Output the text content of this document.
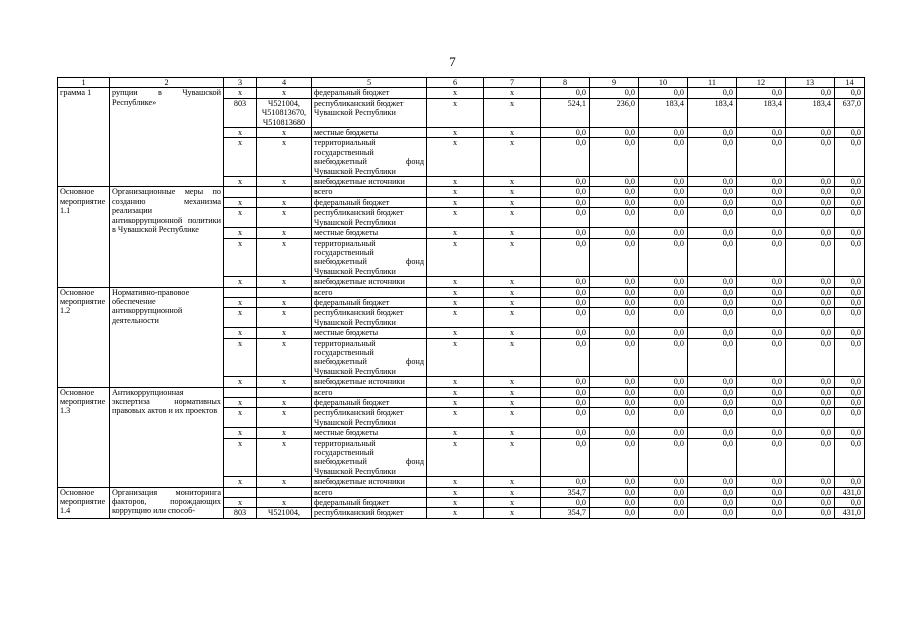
7
1	2	3	4	5	6	7	8	9	10	11	12	13	14
грамма 1	рупции в Чувашской Республике»	x	x	федеральный бюджет	x	x	0,0	0,0	0,0	0,0	0,0	0,0	0,0
		803	Ч521004, Ч510813670, Ч510813680	республиканский бюджет Чувашской Республики	x	x	524,1	236,0	183,4	183,4	183,4	183,4	637,0
		x	x	местные бюджеты	x	x	0,0	0,0	0,0	0,0	0,0	0,0	0,0
		x	x	территориальный государственный внебюджетный фонд Чувашской Республики	x	x	0,0	0,0	0,0	0,0	0,0	0,0	0,0
		x	x	внебюджетные источники	x	x	0,0	0,0	0,0	0,0	0,0	0,0	0,0
Основное мероприятие 1.1	Организационные меры по созданию механизма реализации антикоррупционной политики в Чувашской Республике			всего	x	x	0,0	0,0	0,0	0,0	0,0	0,0	0,0
		x	x	федеральный бюджет	x	x	0,0	0,0	0,0	0,0	0,0	0,0	0,0
		x	x	республиканский бюджет Чувашской Республики	x	x	0,0	0,0	0,0	0,0	0,0	0,0	0,0
		x	x	местные бюджеты	x	x	0,0	0,0	0,0	0,0	0,0	0,0	0,0
		x	x	территориальный государственный внебюджетный фонд Чувашской Республики	x	x	0,0	0,0	0,0	0,0	0,0	0,0	0,0
		x	x	внебюджетные источники	x	x	0,0	0,0	0,0	0,0	0,0	0,0	0,0
Основное мероприятие 1.2	Нормативно-правовое обеспечение антикоррупционной деятельности			всего	x	x	0,0	0,0	0,0	0,0	0,0	0,0	0,0
		x	x	федеральный бюджет	x	x	0,0	0,0	0,0	0,0	0,0	0,0	0,0
		x	x	республиканский бюджет Чувашской Республики	x	x	0,0	0,0	0,0	0,0	0,0	0,0	0,0
		x	x	местные бюджеты	x	x	0,0	0,0	0,0	0,0	0,0	0,0	0,0
		x	x	территориальный государственный внебюджетный фонд Чувашской Республики	x	x	0,0	0,0	0,0	0,0	0,0	0,0	0,0
		x	x	внебюджетные источники	x	x	0,0	0,0	0,0	0,0	0,0	0,0	0,0
Основное мероприятие 1.3	Антикоррупционная экспертиза нормативных правовых актов и их проектов			всего	x	x	0,0	0,0	0,0	0,0	0,0	0,0	0,0
		x	x	федеральный бюджет	x	x	0,0	0,0	0,0	0,0	0,0	0,0	0,0
		x	x	республиканский бюджет Чувашской Республики	x	x	0,0	0,0	0,0	0,0	0,0	0,0	0,0
		x	x	местные бюджеты	x	x	0,0	0,0	0,0	0,0	0,0	0,0	0,0
		x	x	территориальный государственный внебюджетный фонд Чувашской Республики	x	x	0,0	0,0	0,0	0,0	0,0	0,0	0,0
		x	x	внебюджетные источники	x	x	0,0	0,0	0,0	0,0	0,0	0,0	0,0
Основное мероприятие 1.4	Организация мониторинга факторов, порождающих коррупцию или способ-			всего	x	x	354,7	0,0	0,0	0,0	0,0	0,0	431,0
		x	x	федеральный бюджет	x	x	0,0	0,0	0,0	0,0	0,0	0,0	0,0
		803	Ч521004,	республиканский бюджет	x	x	354,7	0,0	0,0	0,0	0,0	0,0	431,0
